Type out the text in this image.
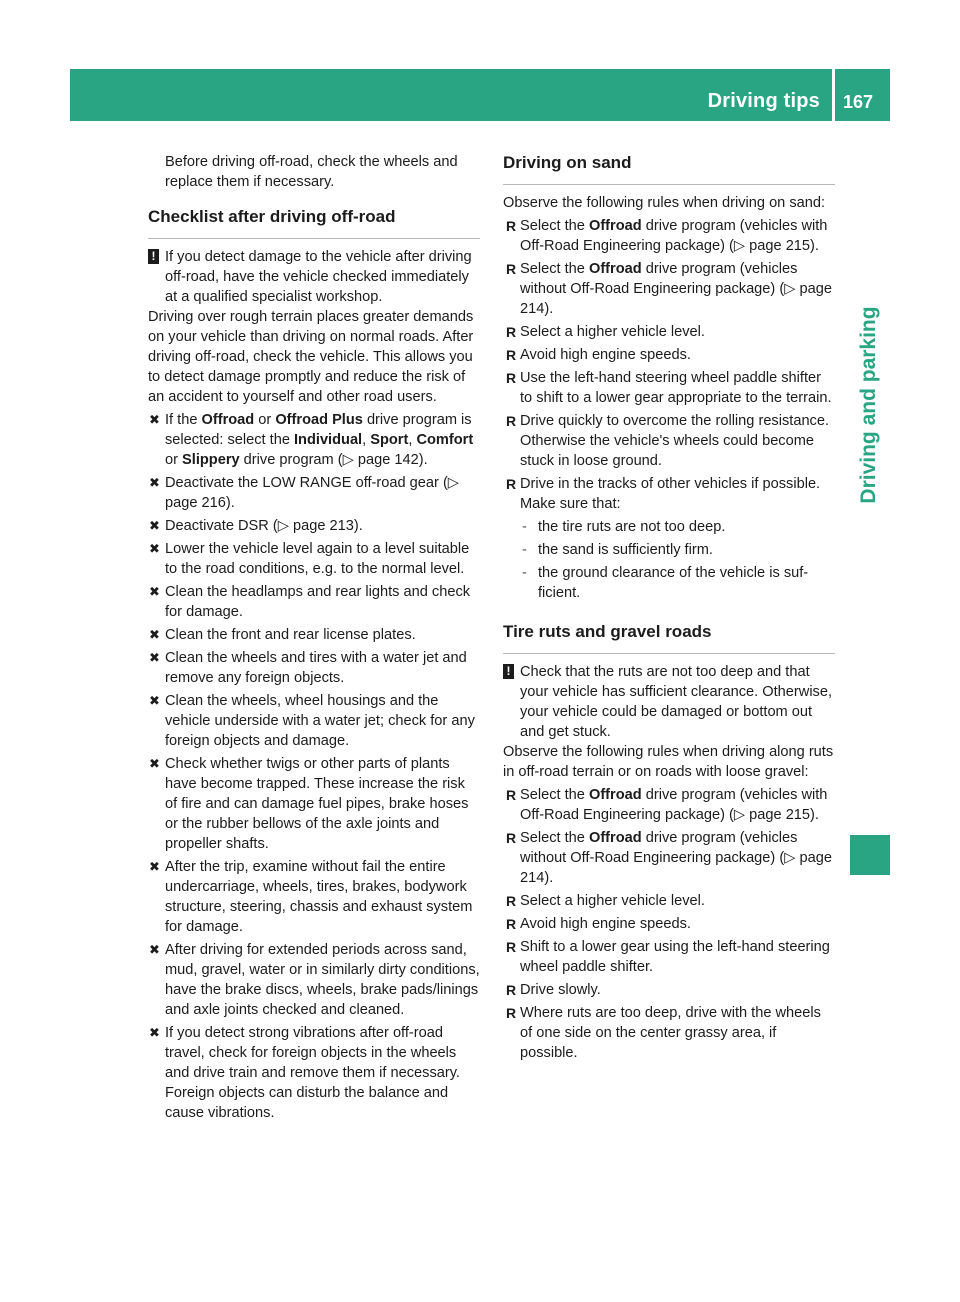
Driving tips 167
Driving and parking

Before driving off-road, check the wheels and replace them if necessary.

Checklist after driving off-road
! If you detect damage to the vehicle after driving off-road, have the vehicle checked immediately at a qualified specialist workshop.

Driving over rough terrain places greater demands on your vehicle than driving on normal roads. After driving off-road, check the vehicle. This allows you to detect damage promptly and reduce the risk of an accident to yourself and other road users.

✖ If the Offroad or Offroad Plus drive program is selected: select the Individual, Sport, Comfort or Slippery drive program (▷ page 142).
✖ Deactivate the LOW RANGE off-road gear (▷ page 216).
✖ Deactivate DSR (▷ page 213).
✖ Lower the vehicle level again to a level suitable to the road conditions, e.g. to the normal level.
✖ Clean the headlamps and rear lights and check for damage.
✖ Clean the front and rear license plates.
✖ Clean the wheels and tires with a water jet and remove any foreign objects.
✖ Clean the wheels, wheel housings and the vehicle underside with a water jet; check for any foreign objects and damage.
✖ Check whether twigs or other parts of plants have become trapped. These increase the risk of fire and can damage fuel pipes, brake hoses or the rubber bellows of the axle joints and propeller shafts.
✖ After the trip, examine without fail the entire undercarriage, wheels, tires, brakes, bodywork structure, steering, chassis and exhaust system for damage.
✖ After driving for extended periods across sand, mud, gravel, water or in similarly dirty conditions, have the brake discs, wheels, brake pads/linings and axle joints checked and cleaned.
✖ If you detect strong vibrations after off-road travel, check for foreign objects in the wheels and drive train and remove them if necessary. Foreign objects can disturb the balance and cause vibrations.
Driving on sand

Observe the following rules when driving on sand:

R Select the Offroad drive program (vehicles with Off-Road Engineering package) (▷ page 215).
R Select the Offroad drive program (vehicles without Off-Road Engineering package) (▷ page 214).
R Select a higher vehicle level.
R Avoid high engine speeds.
R Use the left-hand steering wheel paddle shifter to shift to a lower gear appropriate to the terrain.
R Drive quickly to overcome the rolling resistance. Otherwise the vehicle's wheels could become stuck in loose ground.
R Drive in the tracks of other vehicles if possible. Make sure that:
- the tire ruts are not too deep.
- the sand is sufficiently firm.
- the ground clearance of the vehicle is sufficient.
Tire ruts and gravel roads
! Check that the ruts are not too deep and that your vehicle has sufficient clearance. Otherwise, your vehicle could be damaged or bottom out and get stuck.

Observe the following rules when driving along ruts in off-road terrain or on roads with loose gravel:

R Select the Offroad drive program (vehicles with Off-Road Engineering package) (▷ page 215).
R Select the Offroad drive program (vehicles without Off-Road Engineering package) (▷ page 214).
R Select a higher vehicle level.
R Avoid high engine speeds.
R Shift to a lower gear using the left-hand steering wheel paddle shifter.
R Drive slowly.
R Where ruts are too deep, drive with the wheels of one side on the center grassy area, if possible.
